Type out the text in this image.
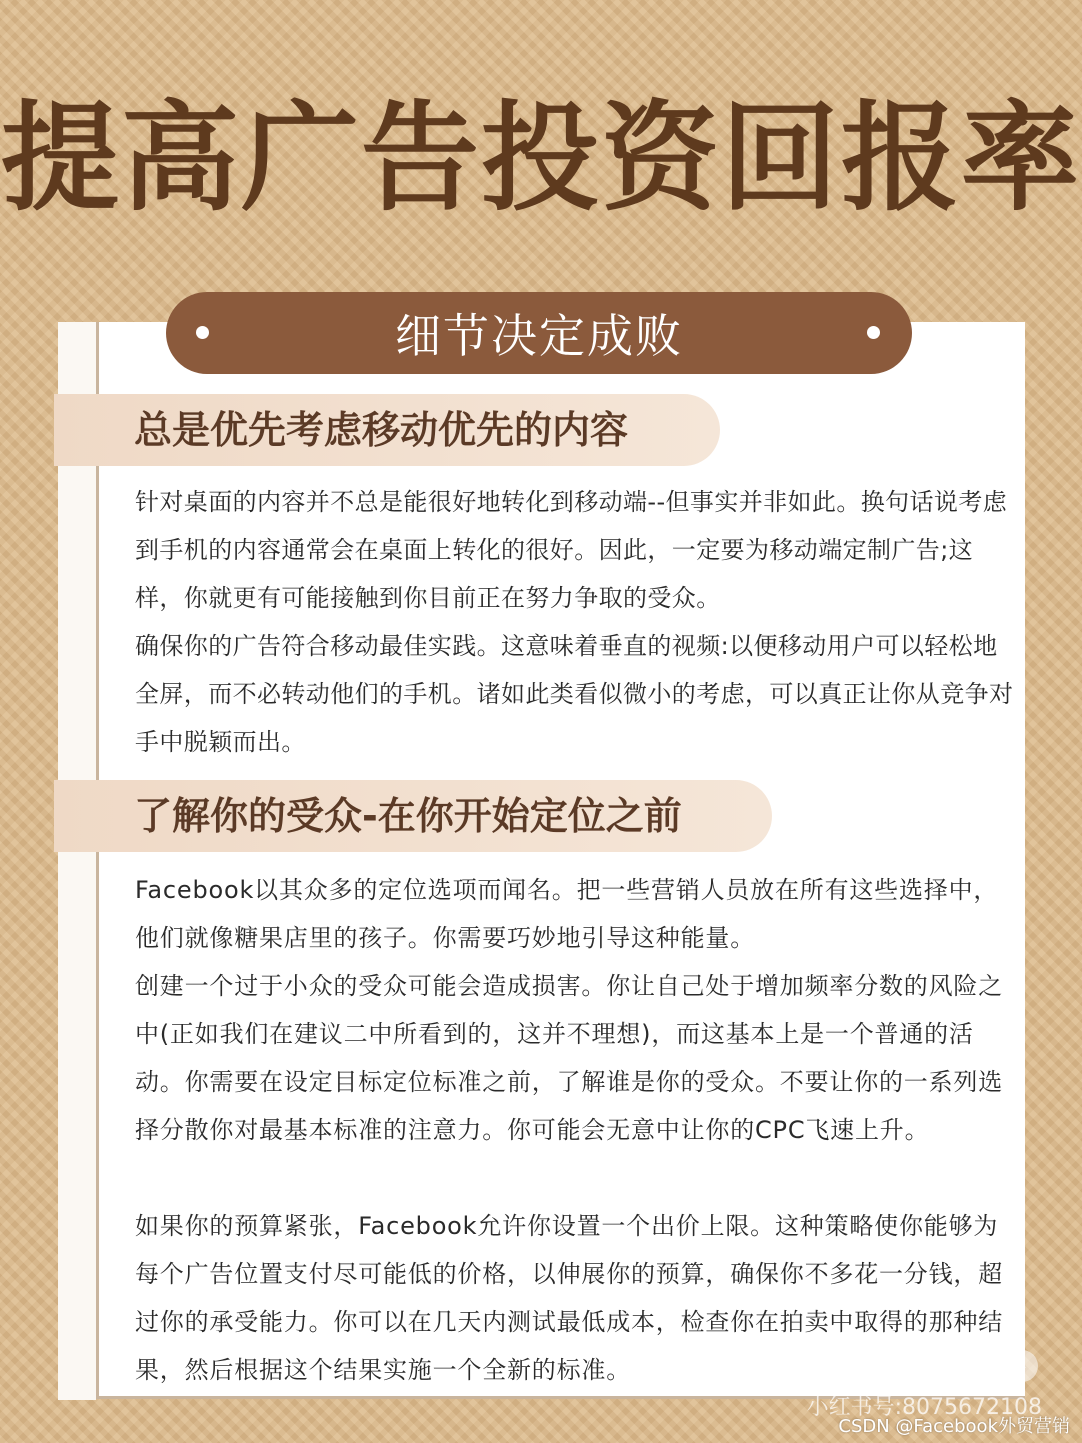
提高广告投资回报率
细节决定成败
总是优先考虑移动优先的内容

针对桌面的内容并不总是能很好地转化到移动端--但事实并非如此。换句话说考虑到手机的内容通常会在桌面上转化的很好。因此，一定要为移动端定制广告;这样，你就更有可能接触到你目前正在努力争取的受众。

确保你的广告符合移动最佳实践。这意味着垂直的视频:以便移动用户可以轻松地全屏，而不必转动他们的手机。诸如此类看似微小的考虑，可以真正让你从竞争对手中脱颖而出。

了解你的受众-在你开始定位之前

Facebook以其众多的定位选项而闻名。把一些营销人员放在所有这些选择中，他们就像糖果店里的孩子。你需要巧妙地引导这种能量。

创建一个过于小众的受众可能会造成损害。你让自己处于增加频率分数的风险之中(正如我们在建议二中所看到的，这并不理想)，而这基本上是一个普通的活动。你需要在设定目标定位标准之前，了解谁是你的受众。不要让你的一系列选择分散你对最基本标准的注意力。你可能会无意中让你的CPC飞速上升。

如果你的预算紧张，Facebook允许你设置一个出价上限。这种策略使你能够为每个广告位置支付尽可能低的价格，以伸展你的预算，确保你不多花一分钱，超过你的承受能力。你可以在几天内测试最低成本，检查你在拍卖中取得的那种结果，然后根据这个结果实施一个全新的标准。	小红书
小红书号:8075672108
CSDN @Facebook外贸营销
